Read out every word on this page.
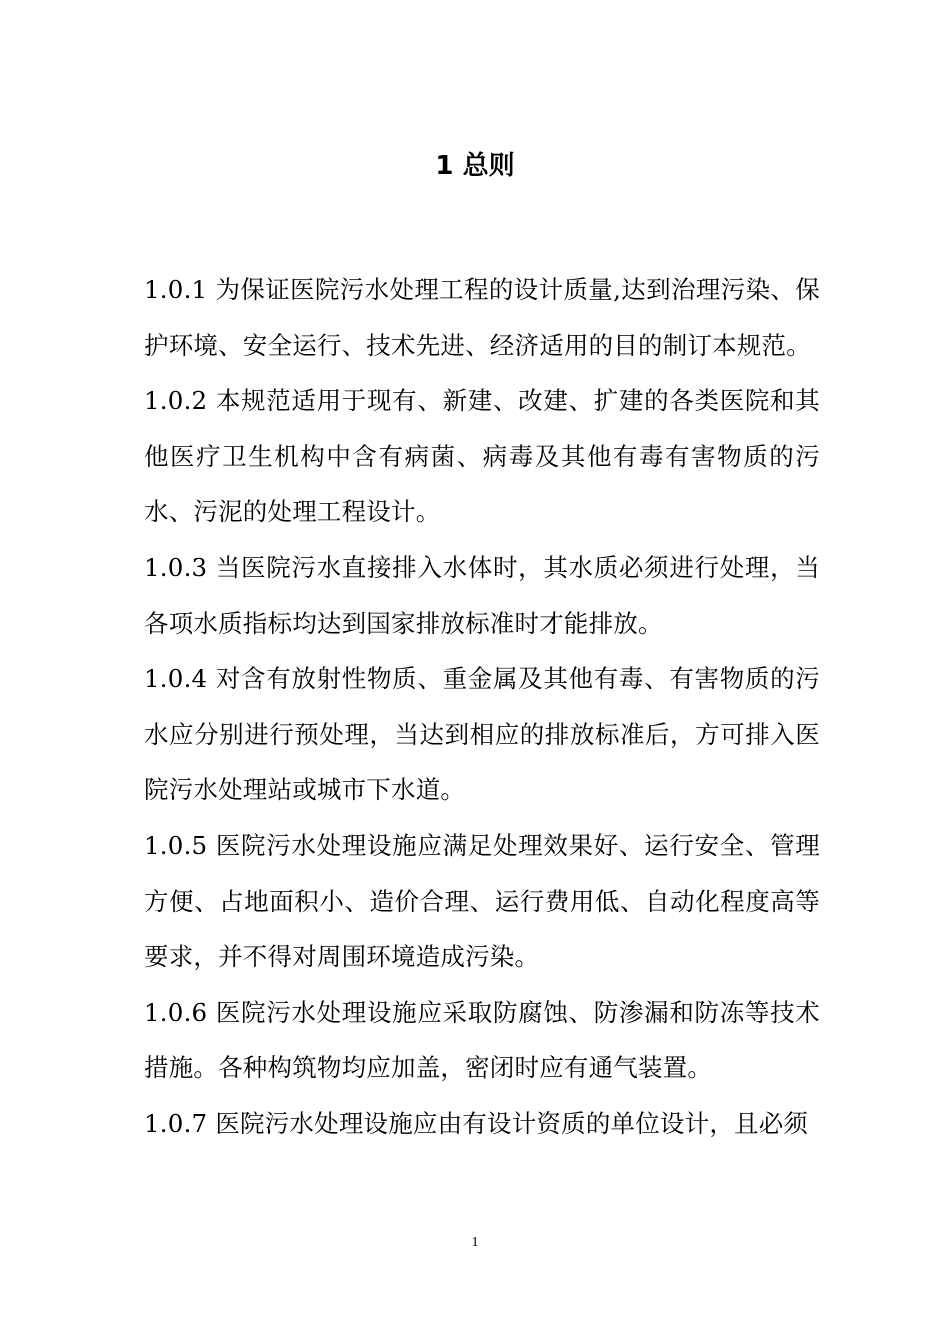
1 总则

1.0.1 为保证医院污水处理工程的设计质量,达到治理污染、保护环境、安全运行、技术先进、经济适用的目的制订本规范。

1.0.2 本规范适用于现有、新建、改建、扩建的各类医院和其他医疗卫生机构中含有病菌、病毒及其他有毒有害物质的污水、污泥的处理工程设计。

1.0.3 当医院污水直接排入水体时，其水质必须进行处理，当各项水质指标均达到国家排放标准时才能排放。

1.0.4 对含有放射性物质、重金属及其他有毒、有害物质的污水应分别进行预处理，当达到相应的排放标准后，方可排入医院污水处理站或城市下水道。

1.0.5 医院污水处理设施应满足处理效果好、运行安全、管理方便、占地面积小、造价合理、运行费用低、自动化程度高等要求，并不得对周围环境造成污染。

1.0.6 医院污水处理设施应采取防腐蚀、防渗漏和防冻等技术措施。各种构筑物均应加盖，密闭时应有通气装置。

1.0.7 医院污水处理设施应由有设计资质的单位设计，且必须

1
